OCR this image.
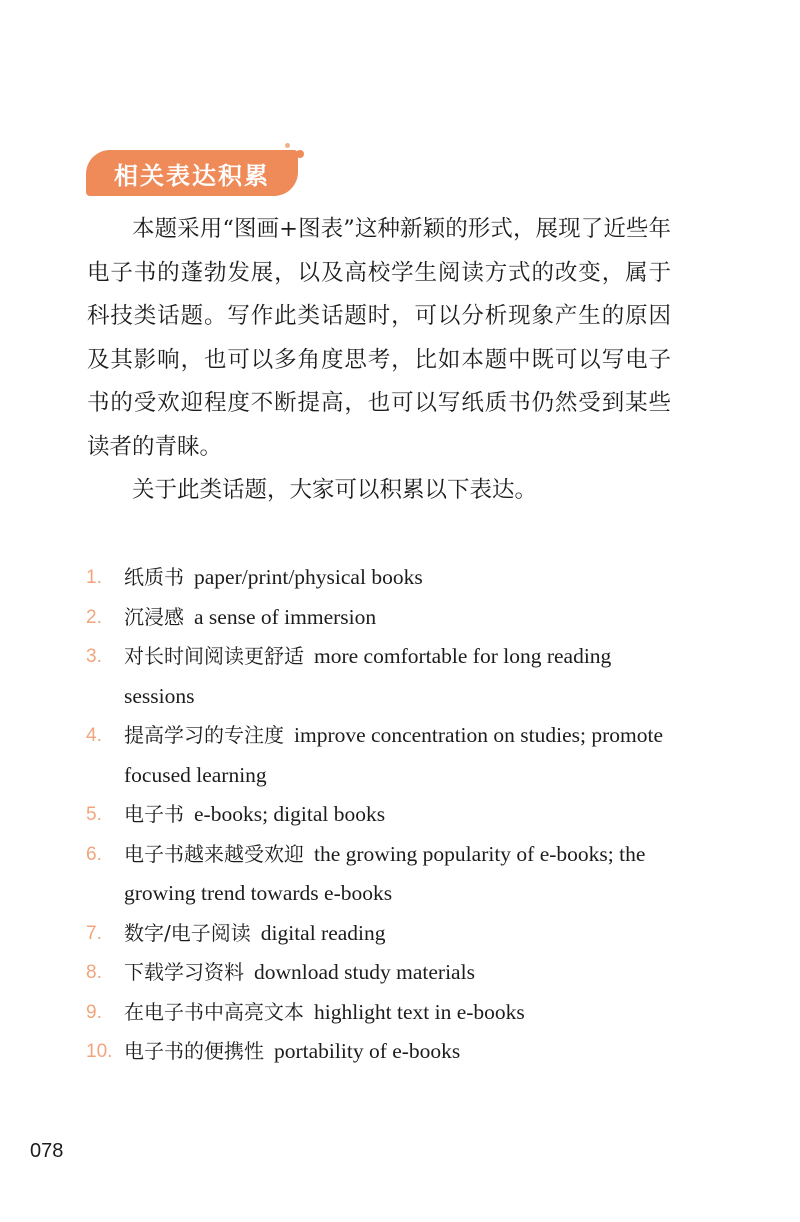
相关表达积累

本题采用“图画+图表”这种新颖的形式，展现了近些年电子书的蓬勃发展，以及高校学生阅读方式的改变，属于科技类话题。写作此类话题时，可以分析现象产生的原因及其影响，也可以多角度思考，比如本题中既可以写电子书的受欢迎程度不断提高，也可以写纸质书仍然受到某些读者的青睐。

关于此类话题，大家可以积累以下表达。

1.	纸质书 paper/print/physical books
2.	沉浸感 a sense of immersion
3.	对长时间阅读更舒适 more comfortable for long reading sessions
4.	提高学习的专注度 improve concentration on studies; promote focused learning
5.	电子书 e-books; digital books
6.	电子书越来越受欢迎 the growing popularity of e-books; the growing trend towards e-books
7.	数字/电子阅读 digital reading
8.	下载学习资料 download study materials
9.	在电子书中高亮文本 highlight text in e-books
10. 电子书的便携性 portability of e-books
078
